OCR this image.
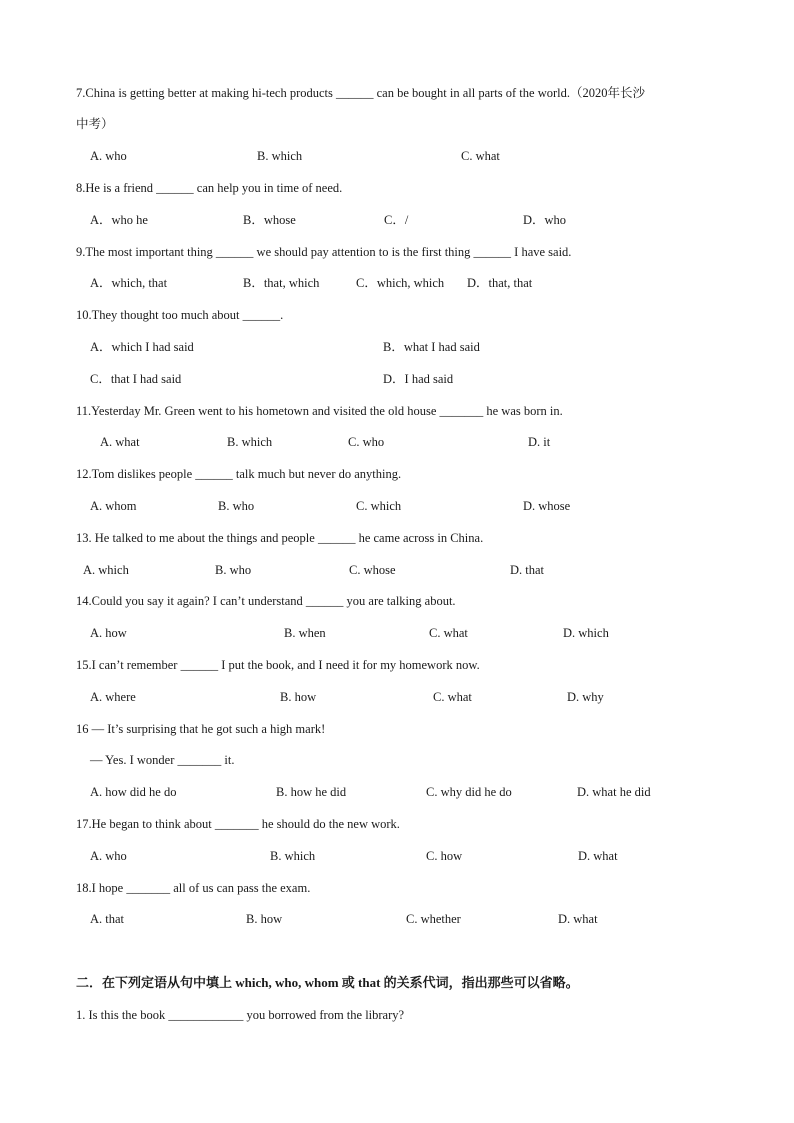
7.China is getting better at making hi-tech products ______ can be bought in all parts of the world.（2020年长沙
中考）
A. who	B. which	C. what
8.He is a friend ______ can help you in time of need.
A．who he	B．whose	C．/	D．who
9.The most important thing ______ we should pay attention to is the first thing ______ I have said.
A．which, that	B．that, which	C．which, which D．that, that
10.They thought too much about ______.
A．which I had said	B．what I had said
C．that I had said	D．I had said
11.Yesterday Mr. Green went to his hometown and visited the old house _______ he was born in.
A. what	B. which	C. who	D. it
12.Tom dislikes people ______ talk much but never do anything.
A. whom	B. who	C. which	D. whose
13. He talked to me about the things and people ______ he came across in China.
A. which	B. who	C. whose	D. that
14.Could you say it again? I can’t understand ______ you are talking about.
A. how	B. when	C. what	D. which
15.I can’t remember ______ I put the book, and I need it for my homework now.
A. where	B. how	C. what	D. why
16 — It’s surprising that he got such a high mark!
— Yes. I wonder _______ it.
A. how did he do	B. how he did	C. why did he do	D. what he did
17.He began to think about _______ he should do the new work.
A. who	B. which	C. how	D. what
18.I hope _______ all of us can pass the exam.
A. that	B. how	C. whether	D. what
二．在下列定语从句中填上 which, who, whom 或 that 的关系代词，指出那些可以省略。
1. Is this the book ____________ you borrowed from the library?
